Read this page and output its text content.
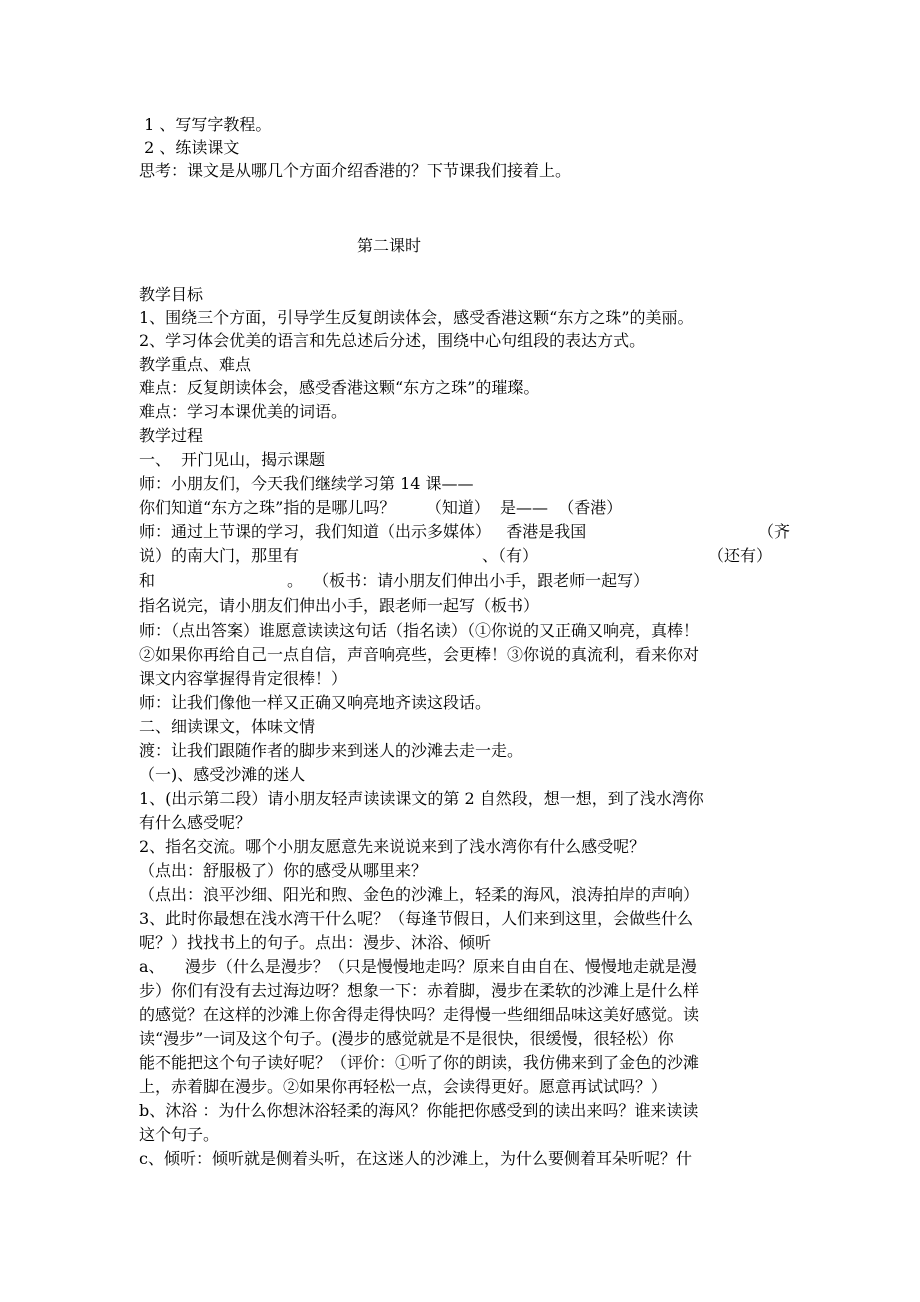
1 、写写字教程。
2 、练读课文
思考：课文是从哪几个方面介绍香港的？下节课我们接着上。
第二课时
教学目标
1、围绕三个方面，引导学生反复朗读体会，感受香港这颗“东方之珠”的美丽。
2、学习体会优美的语言和先总述后分述，围绕中心句组段的表达方式。
教学重点、难点
难点：反复朗读体会，感受香港这颗“东方之珠”的璀璨。
难点：学习本课优美的词语。
教学过程
一、  开门见山，揭示课题
师：小朋友们，今天我们继续学习第 14 课——
你们知道“东方之珠”指的是哪儿吗？      （知道）  是——  （香港）
师：通过上节课的学习，我们知道（出示多媒体）   香港是我国	（齐
说）的南大门，那里有	、（有）	（还有）
和	。  （板书：请小朋友们伸出小手，跟老师一起写）
指名说完，请小朋友们伸出小手，跟老师一起写（板书）
师：（点出答案）谁愿意读读这句话（指名读）（①你说的又正确又响亮，真棒！
②如果你再给自己一点自信，声音响亮些，会更棒！③你说的真流利，看来你对
课文内容掌握得肯定很棒！）
师：让我们像他一样又正确又响亮地齐读这段话。
二、细读课文，体味文情
渡：让我们跟随作者的脚步来到迷人的沙滩去走一走。
（一)、感受沙滩的迷人
1、(出示第二段）请小朋友轻声读读课文的第 2 自然段，想一想，到了浅水湾你
有什么感受呢？
2、指名交流。哪个小朋友愿意先来说说来到了浅水湾你有什么感受呢？
（点出：舒服极了）你的感受从哪里来？
（点出：浪平沙细、阳光和煦、金色的沙滩上，轻柔的海风，浪涛拍岸的声响）
3、此时你最想在浅水湾干什么呢？（每逢节假日，人们来到这里，会做些什么
呢？）找找书上的句子。点出：漫步、沐浴、倾听
a、    漫步（什么是漫步？（只是慢慢地走吗？原来自由自在、慢慢地走就是漫
步）你们有没有去过海边呀？想象一下：赤着脚，漫步在柔软的沙滩上是什么样
的感觉？在这样的沙滩上你舍得走得快吗？走得慢一些细细品味这美好感觉。读
读“漫步”一词及这个句子。(漫步的感觉就是不是很快，很缓慢，很轻松）你
能不能把这个句子读好呢？（评价：①听了你的朗读，我仿佛来到了金色的沙滩
上，赤着脚在漫步。②如果你再轻松一点，会读得更好。愿意再试试吗？）
b、沐浴 ：为什么你想沐浴轻柔的海风？你能把你感受到的读出来吗？谁来读读
这个句子。
c、倾听：倾听就是侧着头听，在这迷人的沙滩上，为什么要侧着耳朵听呢？什
